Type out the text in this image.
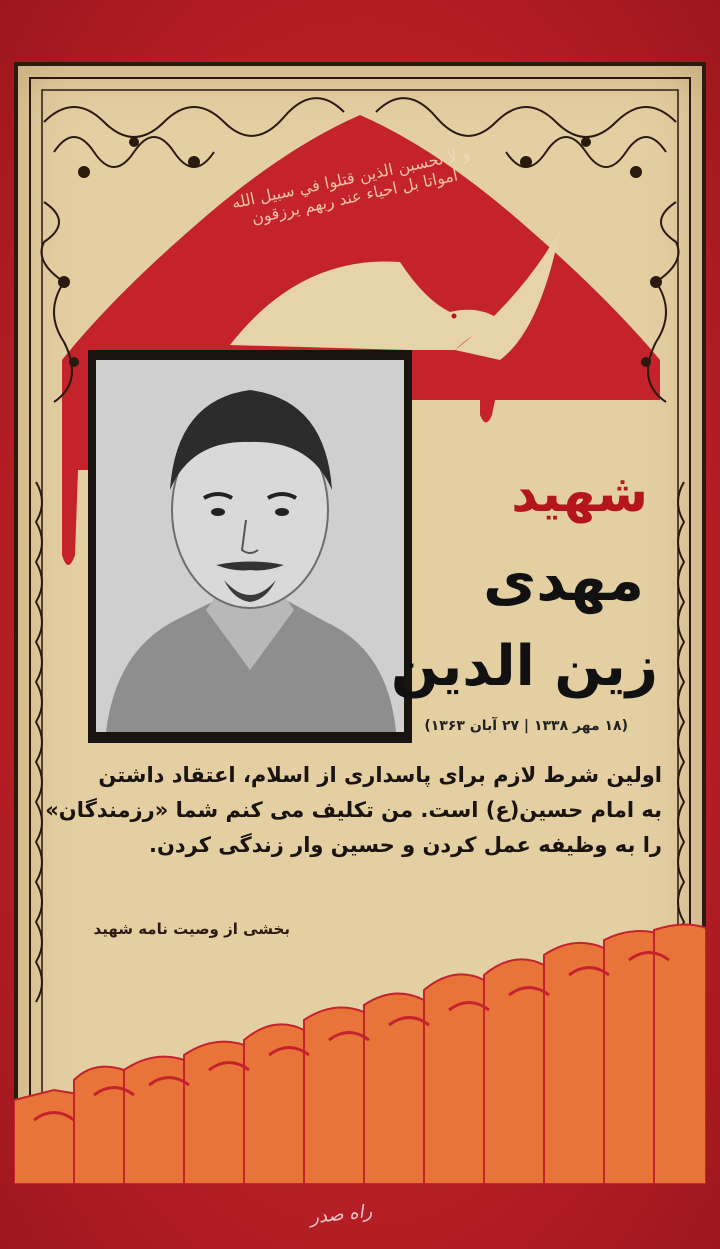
و لا تحسبن الذين قتلوا في سبيل الله امواتا بل احياء عند ربهم يرزقون
شهید
مهدی
زین الدین
(۱۸ مهر ۱۳۳۸ | ۲۷ آبان ۱۳۶۳)
اولین شرط لازم برای پاسداری از اسلام، اعتقاد داشتن
به امام حسین(ع) است. من تکلیف می کنم شما «رزمندگان»
را به وظیفه عمل کردن و حسین وار زندگی کردن.
بخشی از وصیت نامه شهید
راه صدر
